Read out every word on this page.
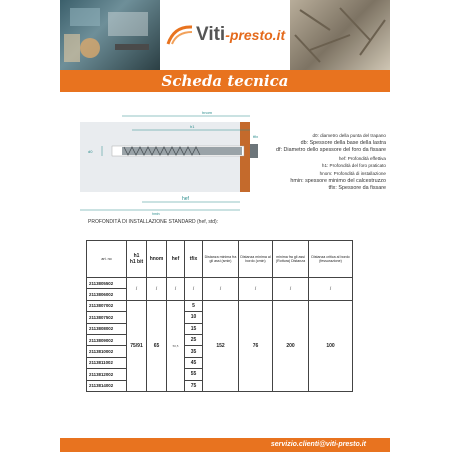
Viti-presto.it
Scheda tecnica
hnom
h1
hef
hmin
d0
tfix	d0: diametro della punta del trapano
db: Spessore della base della lastra
df: Diametro dello spessore del foro da fissare
hef: Profondità effettiva
h1: Profondità del foro praticato
hnom: Profondità di installazione
hmin: spessore minimo del calcestruzzo
tfix: Spessore da fissare
PROFONDITÀ DI INSTALLAZIONE STANDARD (hef, std):
art. no	h1
h1 bit	hnom	hef	tfix	Distanza minima fra gli assi (smin)	Distanza minima al bordo (cmin)	minima fra gli assi (Rottura) Distanza	Distanza critica al bordo (fessurazione)
2113805502	/	/	/	/	/	/	/	/
2113806002								
2113807002	75/91	65	50,5	5	152	76	200	100
2113807502				10				
2113808002				15				
2113809002				25				
2113810002				35				
2113811002				45				
2113812002				55				
2113814002				75				
servizio.clienti@viti-presto.it
